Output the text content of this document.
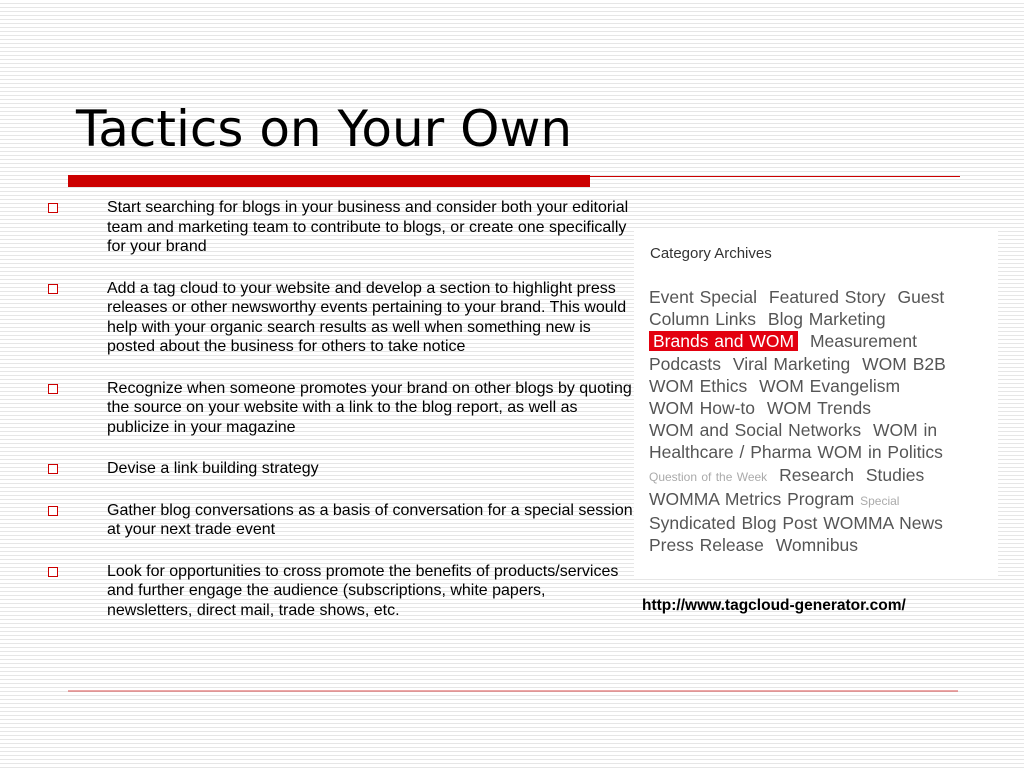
Tactics on Your Own
Start searching for blogs in your business and consider both your editorial team and marketing team to contribute to blogs, or create one specifically for your brand
Add a tag cloud to your website and develop a section to highlight press releases or other newsworthy events pertaining to your brand. This would help with your organic search results as well when something new is posted about the business for others to take notice
Recognize when someone promotes your brand on other blogs by quoting the source on your website with a link to the blog report, as well as publicize in your magazine
Devise a link building strategy
Gather blog conversations as a basis of conversation for a special session at your next trade event
Look for opportunities to cross promote the benefits of products/services and further engage the audience (subscriptions, white papers, newsletters, direct mail, trade shows, etc.
Category Archives
Event Special Featured Story Guest Column Links Blog Marketing Brands and WOM Measurement Podcasts Viral Marketing WOM B2B WOM Ethics WOM Evangelism WOM How-to WOM Trends WOM and Social Networks WOM in Healthcare / Pharma WOM in Politics Question of the Week Research Studies WOMMA Metrics Program Special Syndicated Blog Post WOMMA News Press Release Womnibus
http://www.tagcloud-generator.com/
